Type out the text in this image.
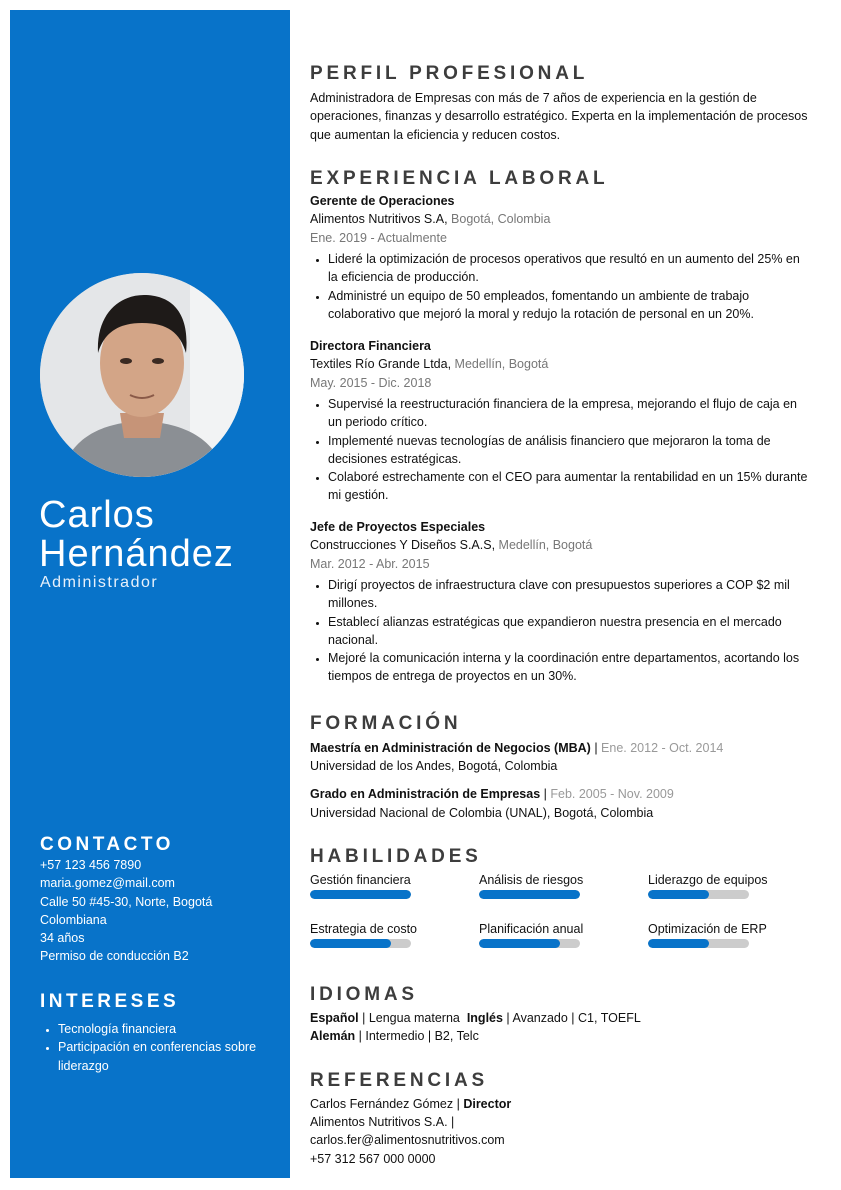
Carlos
Hernández
Administrador
CONTACTO
+57 123 456 7890
maria.gomez@mail.com
Calle 50 #45-30, Norte, Bogotá
Colombiana
34 años
Permiso de conducción B2
INTERESES
• Tecnología financiera
• Participación en conferencias sobre liderazgo
PERFIL PROFESIONAL
Administradora de Empresas con más de 7 años de experiencia en la gestión de operaciones, finanzas y desarrollo estratégico. Experta en la implementación de procesos que aumentan la eficiencia y reducen costos.
EXPERIENCIA LABORAL
Gerente de Operaciones
Alimentos Nutritivos S.A, Bogotá, Colombia
Ene. 2019 - Actualmente
• Lideré la optimización de procesos operativos que resultó en un aumento del 25% en la eficiencia de producción.
• Administré un equipo de 50 empleados, fomentando un ambiente de trabajo colaborativo que mejoró la moral y redujo la rotación de personal en un 20%.
Directora Financiera
Textiles Río Grande Ltda, Medellín, Bogotá
May. 2015 - Dic. 2018
• Supervisé la reestructuración financiera de la empresa, mejorando el flujo de caja en un periodo crítico.
• Implementé nuevas tecnologías de análisis financiero que mejoraron la toma de decisiones estratégicas.
• Colaboré estrechamente con el CEO para aumentar la rentabilidad en un 15% durante mi gestión.
Jefe de Proyectos Especiales
Construcciones Y Diseños S.A.S, Medellín, Bogotá
Mar. 2012 - Abr. 2015
• Dirigí proyectos de infraestructura clave con presupuestos superiores a COP $2 mil millones.
• Establecí alianzas estratégicas que expandieron nuestra presencia en el mercado nacional.
• Mejoré la comunicación interna y la coordinación entre departamentos, acortando los tiempos de entrega de proyectos en un 30%.
FORMACIÓN
Maestría en Administración de Negocios (MBA) | Ene. 2012 - Oct. 2014
Universidad de los Andes, Bogotá, Colombia
Grado en Administración de Empresas | Feb. 2005 - Nov. 2009
Universidad Nacional de Colombia (UNAL), Bogotá, Colombia
HABILIDADES
Gestión financiera	Análisis de riesgos	Liderazgo de equipos
Estrategia de costo	Planificación anual	Optimización de ERP
IDIOMAS
Español | Lengua materna  Inglés | Avanzado | C1, TOEFL
Alemán | Intermedio | B2, Telc
REFERENCIAS
Carlos Fernández Gómez | Director
Alimentos Nutritivos S.A. |
carlos.fer@alimentosnutritivos.com
+57 312 567 000 0000
